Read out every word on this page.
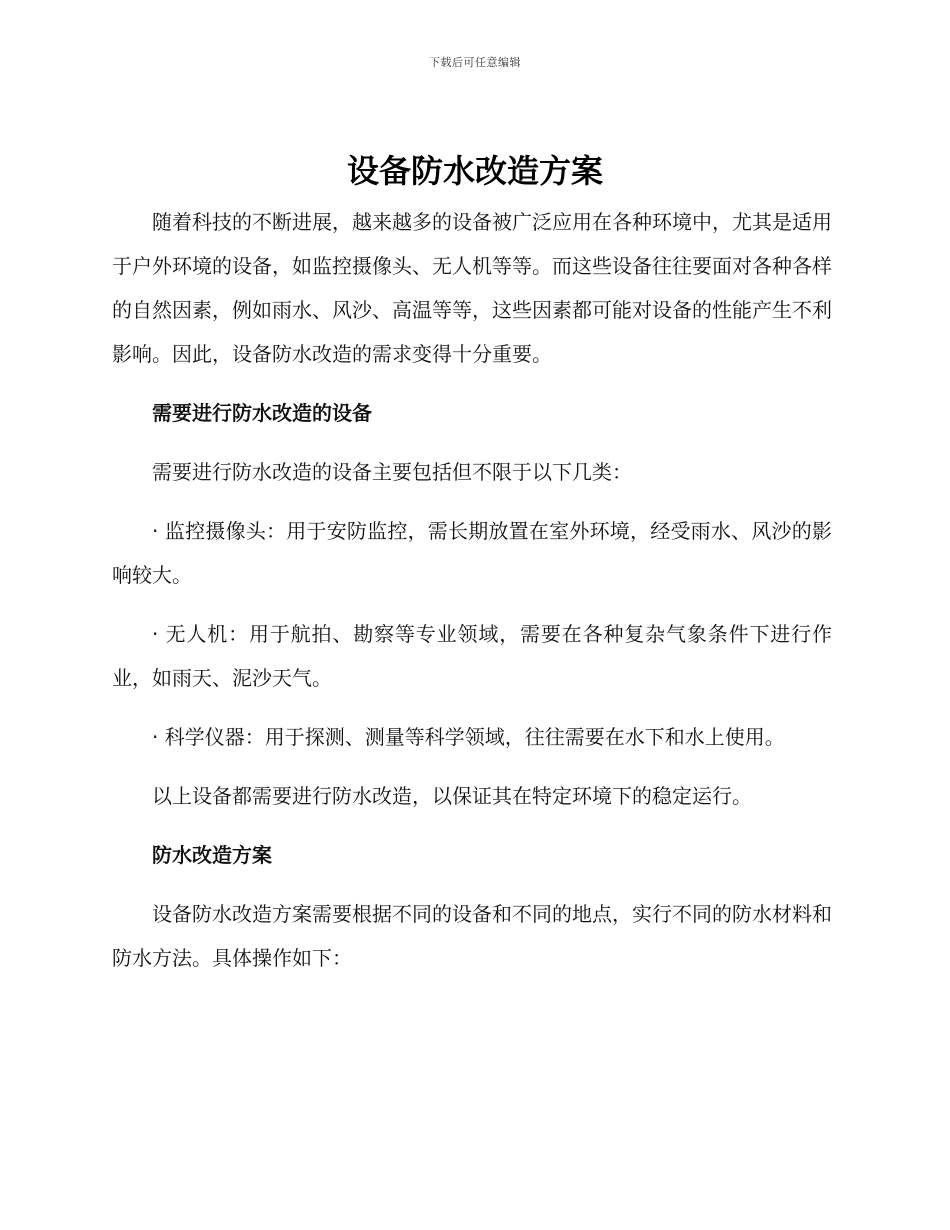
下载后可任意编辑
设备防水改造方案

随着科技的不断进展，越来越多的设备被广泛应用在各种环境中，尤其是适用于户外环境的设备，如监控摄像头、无人机等等。而这些设备往往要面对各种各样的自然因素，例如雨水、风沙、高温等等，这些因素都可能对设备的性能产生不利影响。因此，设备防水改造的需求变得十分重要。

需要进行防水改造的设备

需要进行防水改造的设备主要包括但不限于以下几类：

· 监控摄像头：用于安防监控，需长期放置在室外环境，经受雨水、风沙的影响较大。

· 无人机：用于航拍、勘察等专业领域，需要在各种复杂气象条件下进行作业，如雨天、泥沙天气。

· 科学仪器：用于探测、测量等科学领域，往往需要在水下和水上使用。

以上设备都需要进行防水改造，以保证其在特定环境下的稳定运行。

防水改造方案

设备防水改造方案需要根据不同的设备和不同的地点，实行不同的防水材料和防水方法。具体操作如下：
